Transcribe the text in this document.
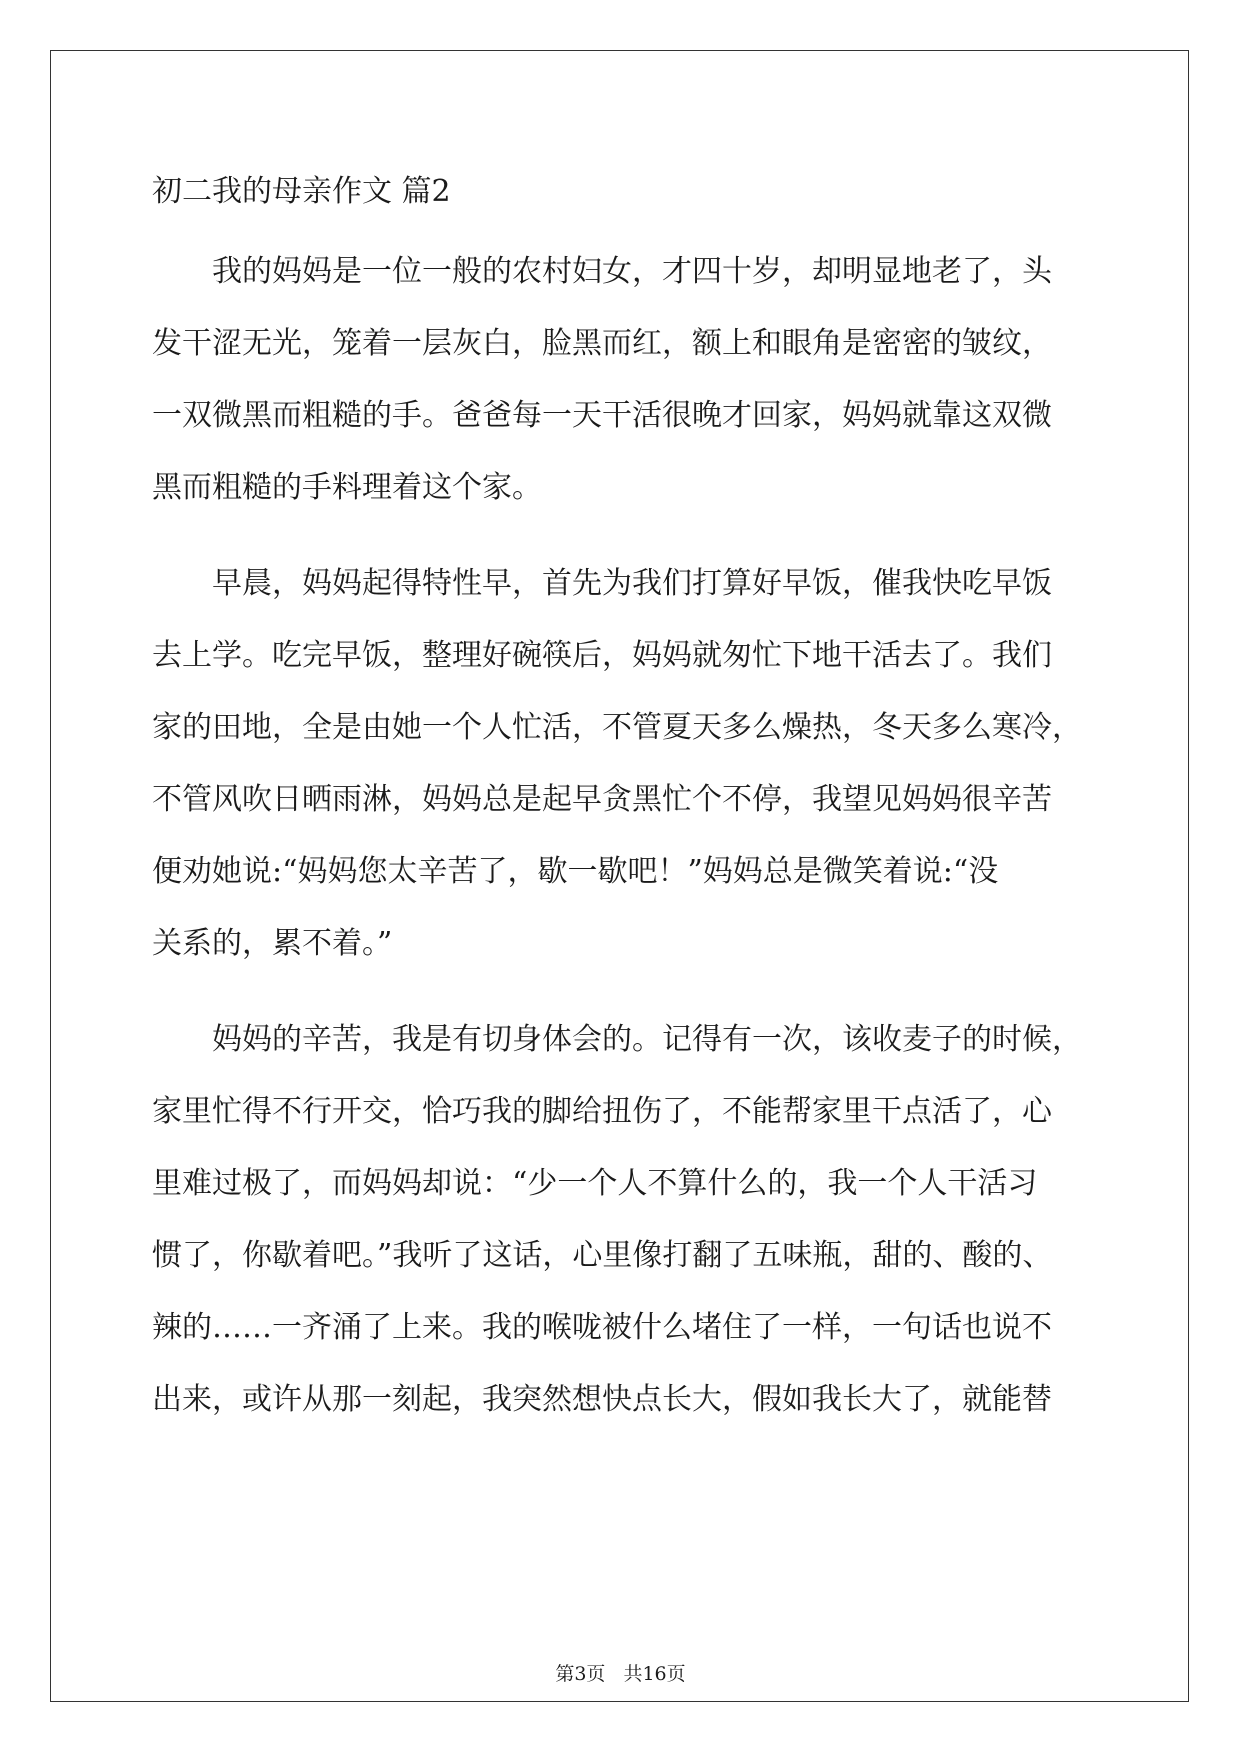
初二我的母亲作文 篇2
　　我的妈妈是一位一般的农村妇女，才四十岁，却明显地老了，头
发干涩无光，笼着一层灰白，脸黑而红，额上和眼角是密密的皱纹，
一双微黑而粗糙的手。爸爸每一天干活很晚才回家，妈妈就靠这双微
黑而粗糙的手料理着这个家。
　　早晨，妈妈起得特性早，首先为我们打算好早饭，催我快吃早饭
去上学。吃完早饭，整理好碗筷后，妈妈就匆忙下地干活去了。我们
家的田地，全是由她一个人忙活，不管夏天多么燥热，冬天多么寒冷，
不管风吹日晒雨淋，妈妈总是起早贪黑忙个不停，我望见妈妈很辛苦
便劝她说:“妈妈您太辛苦了，歇一歇吧！”妈妈总是微笑着说:“没
关系的，累不着。”
　　妈妈的辛苦，我是有切身体会的。记得有一次，该收麦子的时候，
家里忙得不行开交，恰巧我的脚给扭伤了，不能帮家里干点活了，心
里难过极了，而妈妈却说：“少一个人不算什么的，我一个人干活习
惯了，你歇着吧。”我听了这话，心里像打翻了五味瓶，甜的、酸的、
辣的……一齐涌了上来。我的喉咙被什么堵住了一样，一句话也说不
出来，或许从那一刻起，我突然想快点长大，假如我长大了，就能替
第3页 共16页
